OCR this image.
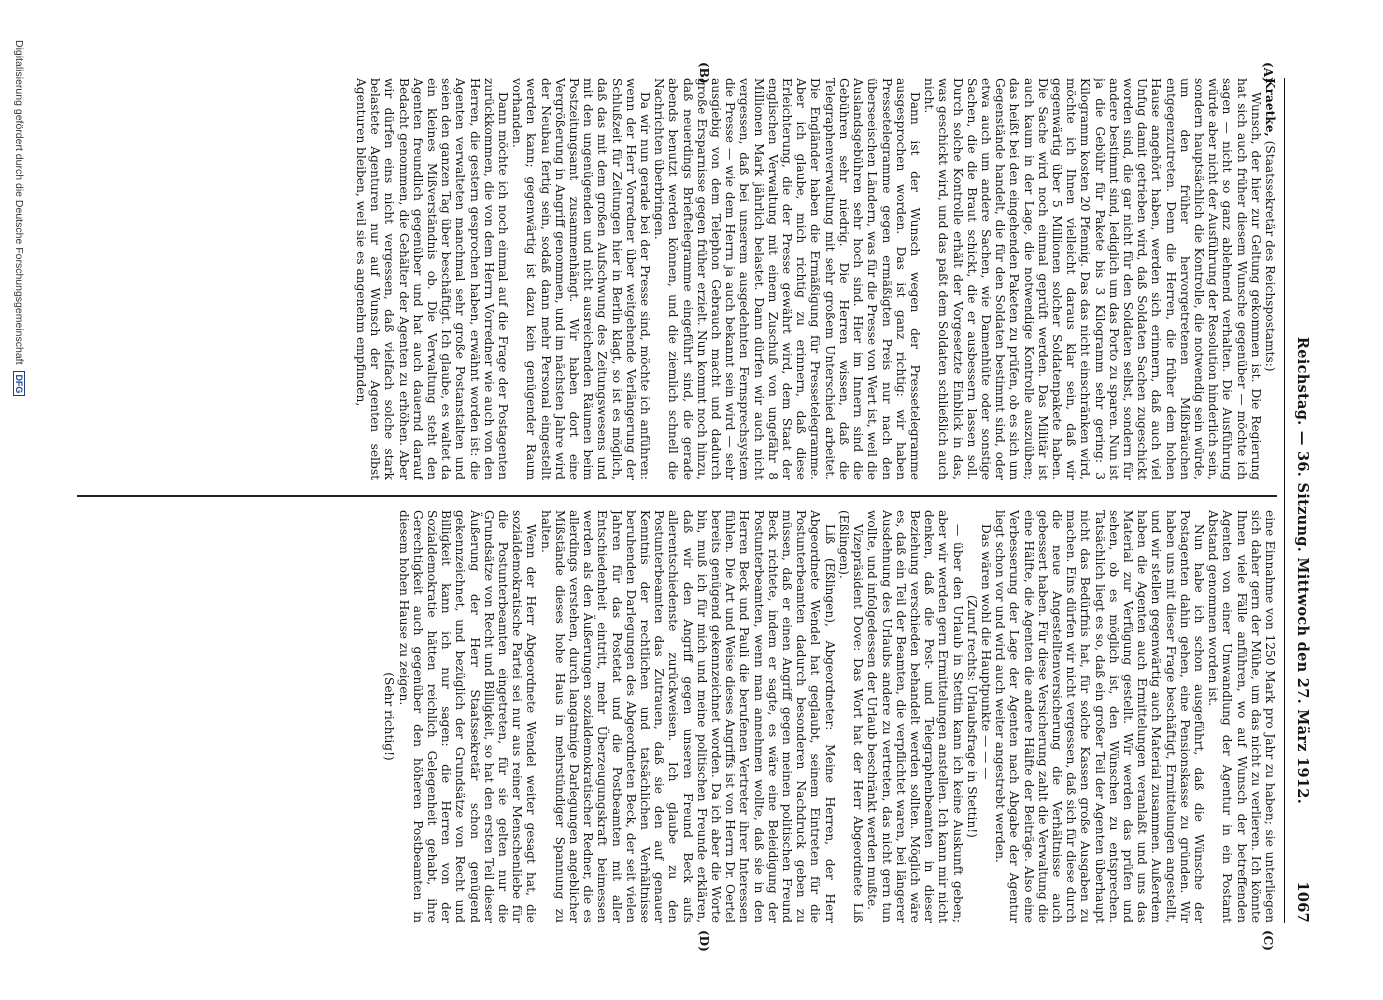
Reichstag. — 36. Sitzung. Mittwoch den 27. März 1912.
1067
(A)
(B)
(C)
(D)

Kraetke, (Staatssekretär des Reichspostamts:)

Wunsch, der hier zur Geltung gekommen ist. Die Regierung hat sich auch früher diesem Wunsche gegenüber — möchte ich sagen — nicht so ganz ablehnend verhalten. Die Ausführung würde aber nicht der Ausführung der Resolution hinderlich sein, sondern hauptsächlich die Kontrolle, die notwendig sein würde, um den früher hervorgetretenen Mißbräuchen entgegenzutreten. Denn die Herren, die früher dem hohen Hause angehört haben, werden sich erinnern, daß auch viel Unfug damit getrieben wird, daß Soldaten Sachen zugeschickt worden sind, die gar nicht für den Soldaten selbst, sondern für andere bestimmt sind, lediglich um das Porto zu sparen. Nun ist ja die Gebühr für Pakete bis 3 Kilogramm sehr gering: 3 Kilogramm kosten 20 Pfennig. Das das nicht einschränken wird, möchte ich Ihnen vielleicht daraus klar sein, daß wir gegenwärtig über 5 Millionen solcher Soldatenpakete haben. Die Sache wird noch einmal geprüft werden. Das Militär ist auch kaum in der Lage, die notwendige Kontrolle auszuüben; das heißt bei den eingehenden Paketen zu prüfen, ob es sich um Gegenstände handelt, die für den Soldaten bestimmt sind, oder etwa auch um andere Sachen, wie Damenhüte oder sonstige Sachen, die die Braut schickt, die er ausbessern lassen soll. Durch solche Kontrolle erhält der Vorgesetzte Einblick in das, was geschickt wird, und das paßt dem Soldaten schließlich auch nicht.

Dann ist der Wunsch wegen der Pressetelegramme ausgesprochen worden. Das ist ganz richtig: wir haben Pressetelegramme gegen ermäßigten Preis nur nach den überseeischen Ländern, was für die Presse von Wert ist, weil die Auslandsgebühren sehr hoch sind. Hier im Innern sind die Gebühren sehr niedrig. Die Herren wissen, daß die Telegraphenverwaltung mit sehr großem Unterschied arbeitet. Die Engländer haben die Ermäßigung für Pressetelegramme. Aber ich glaube, mich richtig zu erinnern, daß diese Erleichterung, die der Presse gewährt wird, dem Staat der englischen Verwaltung mit einem Zuschuß von ungefähr 8 Millionen Mark jährlich belastet. Dann dürfen wir auch nicht vergessen, daß bei unserem ausgedehnten Fernsprechsystem die Presse — wie dem Herrn ja auch bekannt sein wird — sehr ausgiebig von dem Telephon Gebrauch macht und dadurch große Ersparnisse gegen früher erzielt. Nun kommt noch hinzu, daß neuerdings Brieftelegramme eingeführt sind, die gerade abends benutzt werden können, und die ziemlich schnell die Nachrichten überbringen.

Da wir nun gerade bei der Presse sind, möchte ich anführen: wenn der Herr Vorredner über weitgehende Verlängerung der Schlußzeit für Zeitungen hier in Berlin klagt, so ist es möglich, daß das mit dem großen Aufschwung des Zeitungswesens und mit den ungenügenden und nicht ausreichenden Räumen beim Postzeitungsamt zusammenhängt. Wir haben dort eine Vergrößerung in Angriff genommen, und im nächsten Jahre wird der Neubau fertig sein, sodaß dann mehr Personal eingestellt werden kann; gegenwärtig ist dazu kein genügender Raum vorhanden.

Dann möchte ich noch einmal auf die Frage der Postagenten zurückkommen, die von dem Herrn Vorredner wie auch von den Herren, die gestern gesprochen haben, erwähnt worden ist: die Agenten verwalteten manchmal sehr große Postanstalten und seien den ganzen Tag über beschäftigt. Ich glaube, es waltet da ein kleines Mißverständnis ob. Die Verwaltung steht den Agenten freundlich gegenüber und hat auch dauernd darauf Bedacht genommen, die Gehälter der Agenten zu erhöhen. Aber wir dürfen eins nicht vergessen, daß vielfach solche stark belastete Agenturen nur auf Wunsch der Agenten selbst Agenturen bleiben, weil sie es angenehm empfinden,

eine Einnahme von 1250 Mark pro Jahr zu haben; sie unterliegen sich daher gern der Mühe, um das nicht zu verlieren. Ich könnte Ihnen viele Fälle anführen, wo auf Wunsch der betreffenden Agenten von einer Umwandlung der Agentur in ein Postamt Abstand genommen worden ist.

Nun habe ich schon ausgeführt, daß die Wünsche der Postagenten dahin gehen, eine Pensionskasse zu gründen. Wir haben uns mit dieser Frage beschäftigt, Ermittelungen angestellt, und wir stellen gegenwärtig auch Material zusammen. Außerdem haben die Agenten auch Ermittelungen veranlaßt und uns das Material zur Verfügung gestellt. Wir werden das prüfen und sehen, ob es möglich ist, den Wünschen zu entsprechen. Tatsächlich liegt es so, daß ein großer Teil der Agenten überhaupt nicht das Bedürfnis hat, für solche Kassen große Ausgaben zu machen. Eins dürfen wir nicht vergessen, daß sich für diese durch die neue Angestelltenversicherung die Verhältnisse auch gebessert haben. Für diese Versicherung zahlt die Verwaltung die eine Hälfte, die Agenten die andere Hälfte der Beiträge. Also eine Verbesserung der Lage der Agenten nach Abgabe der Agentur liegt schon vor und wird auch weiter angestrebt werden.

Das wären wohl die Hauptpunkte — — —

(Zuruf rechts: Urlaubsfrage in Stettin!)

— über den Urlaub in Stettin kann ich keine Auskunft geben; aber wir werden gern Ermittelungen anstellen. Ich kann mir nicht denken, daß die Post- und Telegraphenbeamten in dieser Beziehung verschieden behandelt werden sollten. Möglich wäre es, daß ein Teil der Beamten, die verpflichtet waren, bei längerer Ausdehnung des Urlaubs andere zu vertreten, das nicht gern tun wollte, und infolgedessen der Urlaub beschränkt werden mußte.

Vizepräsident Dove: Das Wort hat der Herr Abgeordnete Liß (Eßlingen).

Liß (Eßlingen), Abgeordneter: Meine Herren, der Herr Abgeordnete Wendel hat geglaubt, seinem Eintreten für die Postunterbeamten dadurch besonderen Nachdruck geben zu müssen, daß er einen Angriff gegen meinen politischen Freund Beck richtete, indem er sagte, es wäre eine Beleidigung der Postunterbeamten, wenn man annehmen wollte, daß sie in den Herren Beck und Pauli die berufenen Vertreter ihrer Interessen fühlen. Die Art und Weise dieses Angriffs ist von Herrn Dr. Oertel bereits genügend gekennzeichnet worden. Da ich aber die Worte bin, muß ich für mich und meine politischen Freunde erklären, daß wir den Angriff gegen unseren Freund Beck aufs allerentschiedenste zurückweisen. Ich glaube zu den Postunterbeamten das Zutrauen, daß sie den auf genauer Kenntnis der rechtlichen und tatsächlichen Verhältnisse beruhenden Darlegungen des Abgeordneten Beck, der seit vielen Jahren für das Postetat und die Postbeamten mit aller Entschiedenheit eintritt, mehr Überzeugungskraft beimessen werden als den Äußerungen sozialdemokratischer Redner, die es allerdings verstehen, durch langatmige Darlegungen angeblicher Mißstände dieses hohe Haus in mehrstündiger Spannung zu halten.

Wenn der Herr Abgeordnete Wendel weiter gesagt hat, die sozialdemokratische Partei sei nur aus reiner Menschenliebe für die Postunterbeamten eingetreten, für sie gelten nur die Grundsätze von Recht und Billigkeit, so hat den ersten Teil dieser Äußerung der Herr Staatssekretär schon genügend gekennzeichnet, und bezüglich der Grundsätze von Recht und Billigkeit kann ich nur sagen: die Herren von der Sozialdemokratie hätten reichlich Gelegenheit gehabt, ihre Gerechtigkeit auch gegenüber den höheren Postbeamten in diesem hohen Hause zu zeigen.

(Sehr richtig!)

Digitalisierung gefördert durch die Deutsche Forschungsgemeinschaft DFG
